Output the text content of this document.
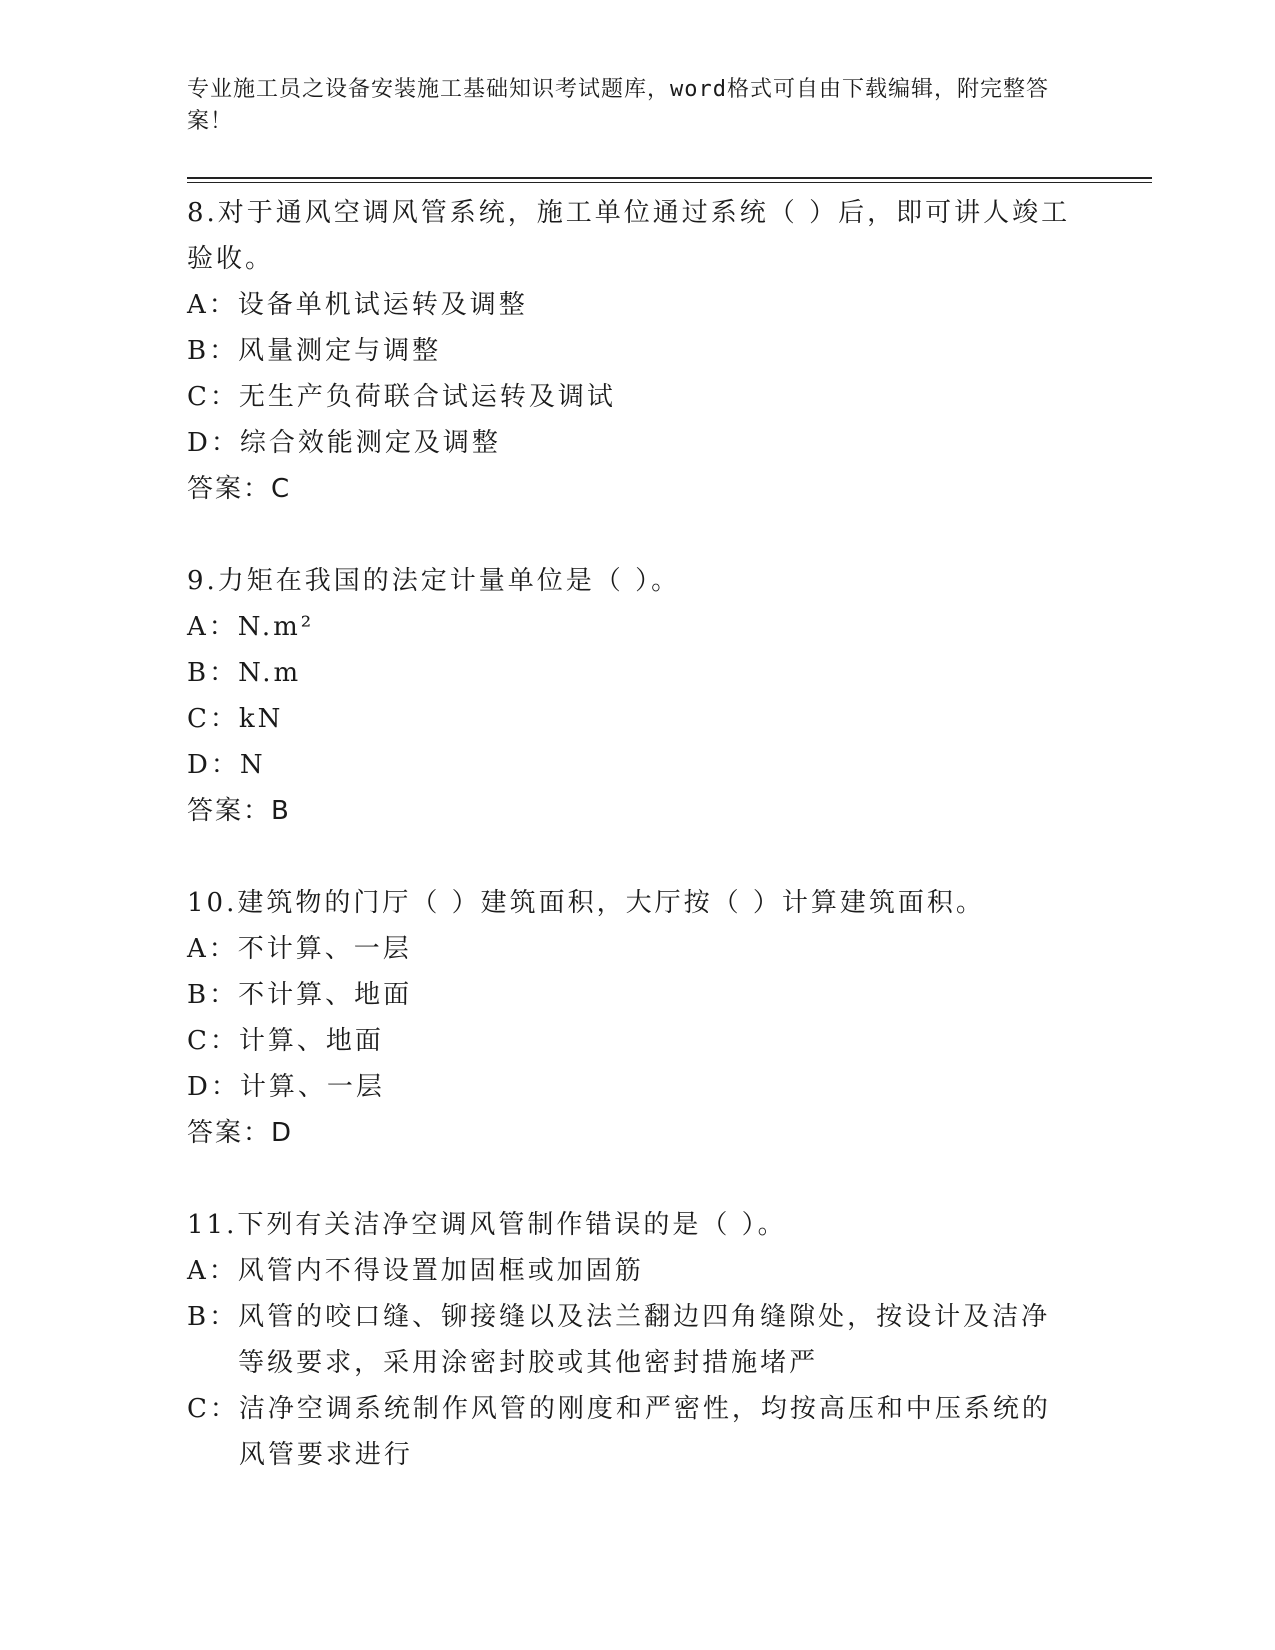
专业施工员之设备安装施工基础知识考试题库，word格式可自由下载编辑，附完整答案！
8.对于通风空调风管系统，施工单位通过系统（ ）后，即可讲人竣工验收。
A： 设备单机试运转及调整
B： 风量测定与调整
C： 无生产负荷联合试运转及调试
D： 综合效能测定及调整
答案：C
9.力矩在我国的法定计量单位是（ ）。
A： N.m²
B： N.m
C： kN
D： N
答案：B
10.建筑物的门厅（ ）建筑面积，大厅按（ ）计算建筑面积。
A： 不计算、一层
B： 不计算、地面
C： 计算、地面
D： 计算、一层
答案：D
11.下列有关洁净空调风管制作错误的是（ ）。
A： 风管内不得设置加固框或加固筋
B： 风管的咬口缝、铆接缝以及法兰翻边四角缝隙处，按设计及洁净等级要求，采用涂密封胶或其他密封措施堵严
C： 洁净空调系统制作风管的刚度和严密性，均按高压和中压系统的风管要求进行
